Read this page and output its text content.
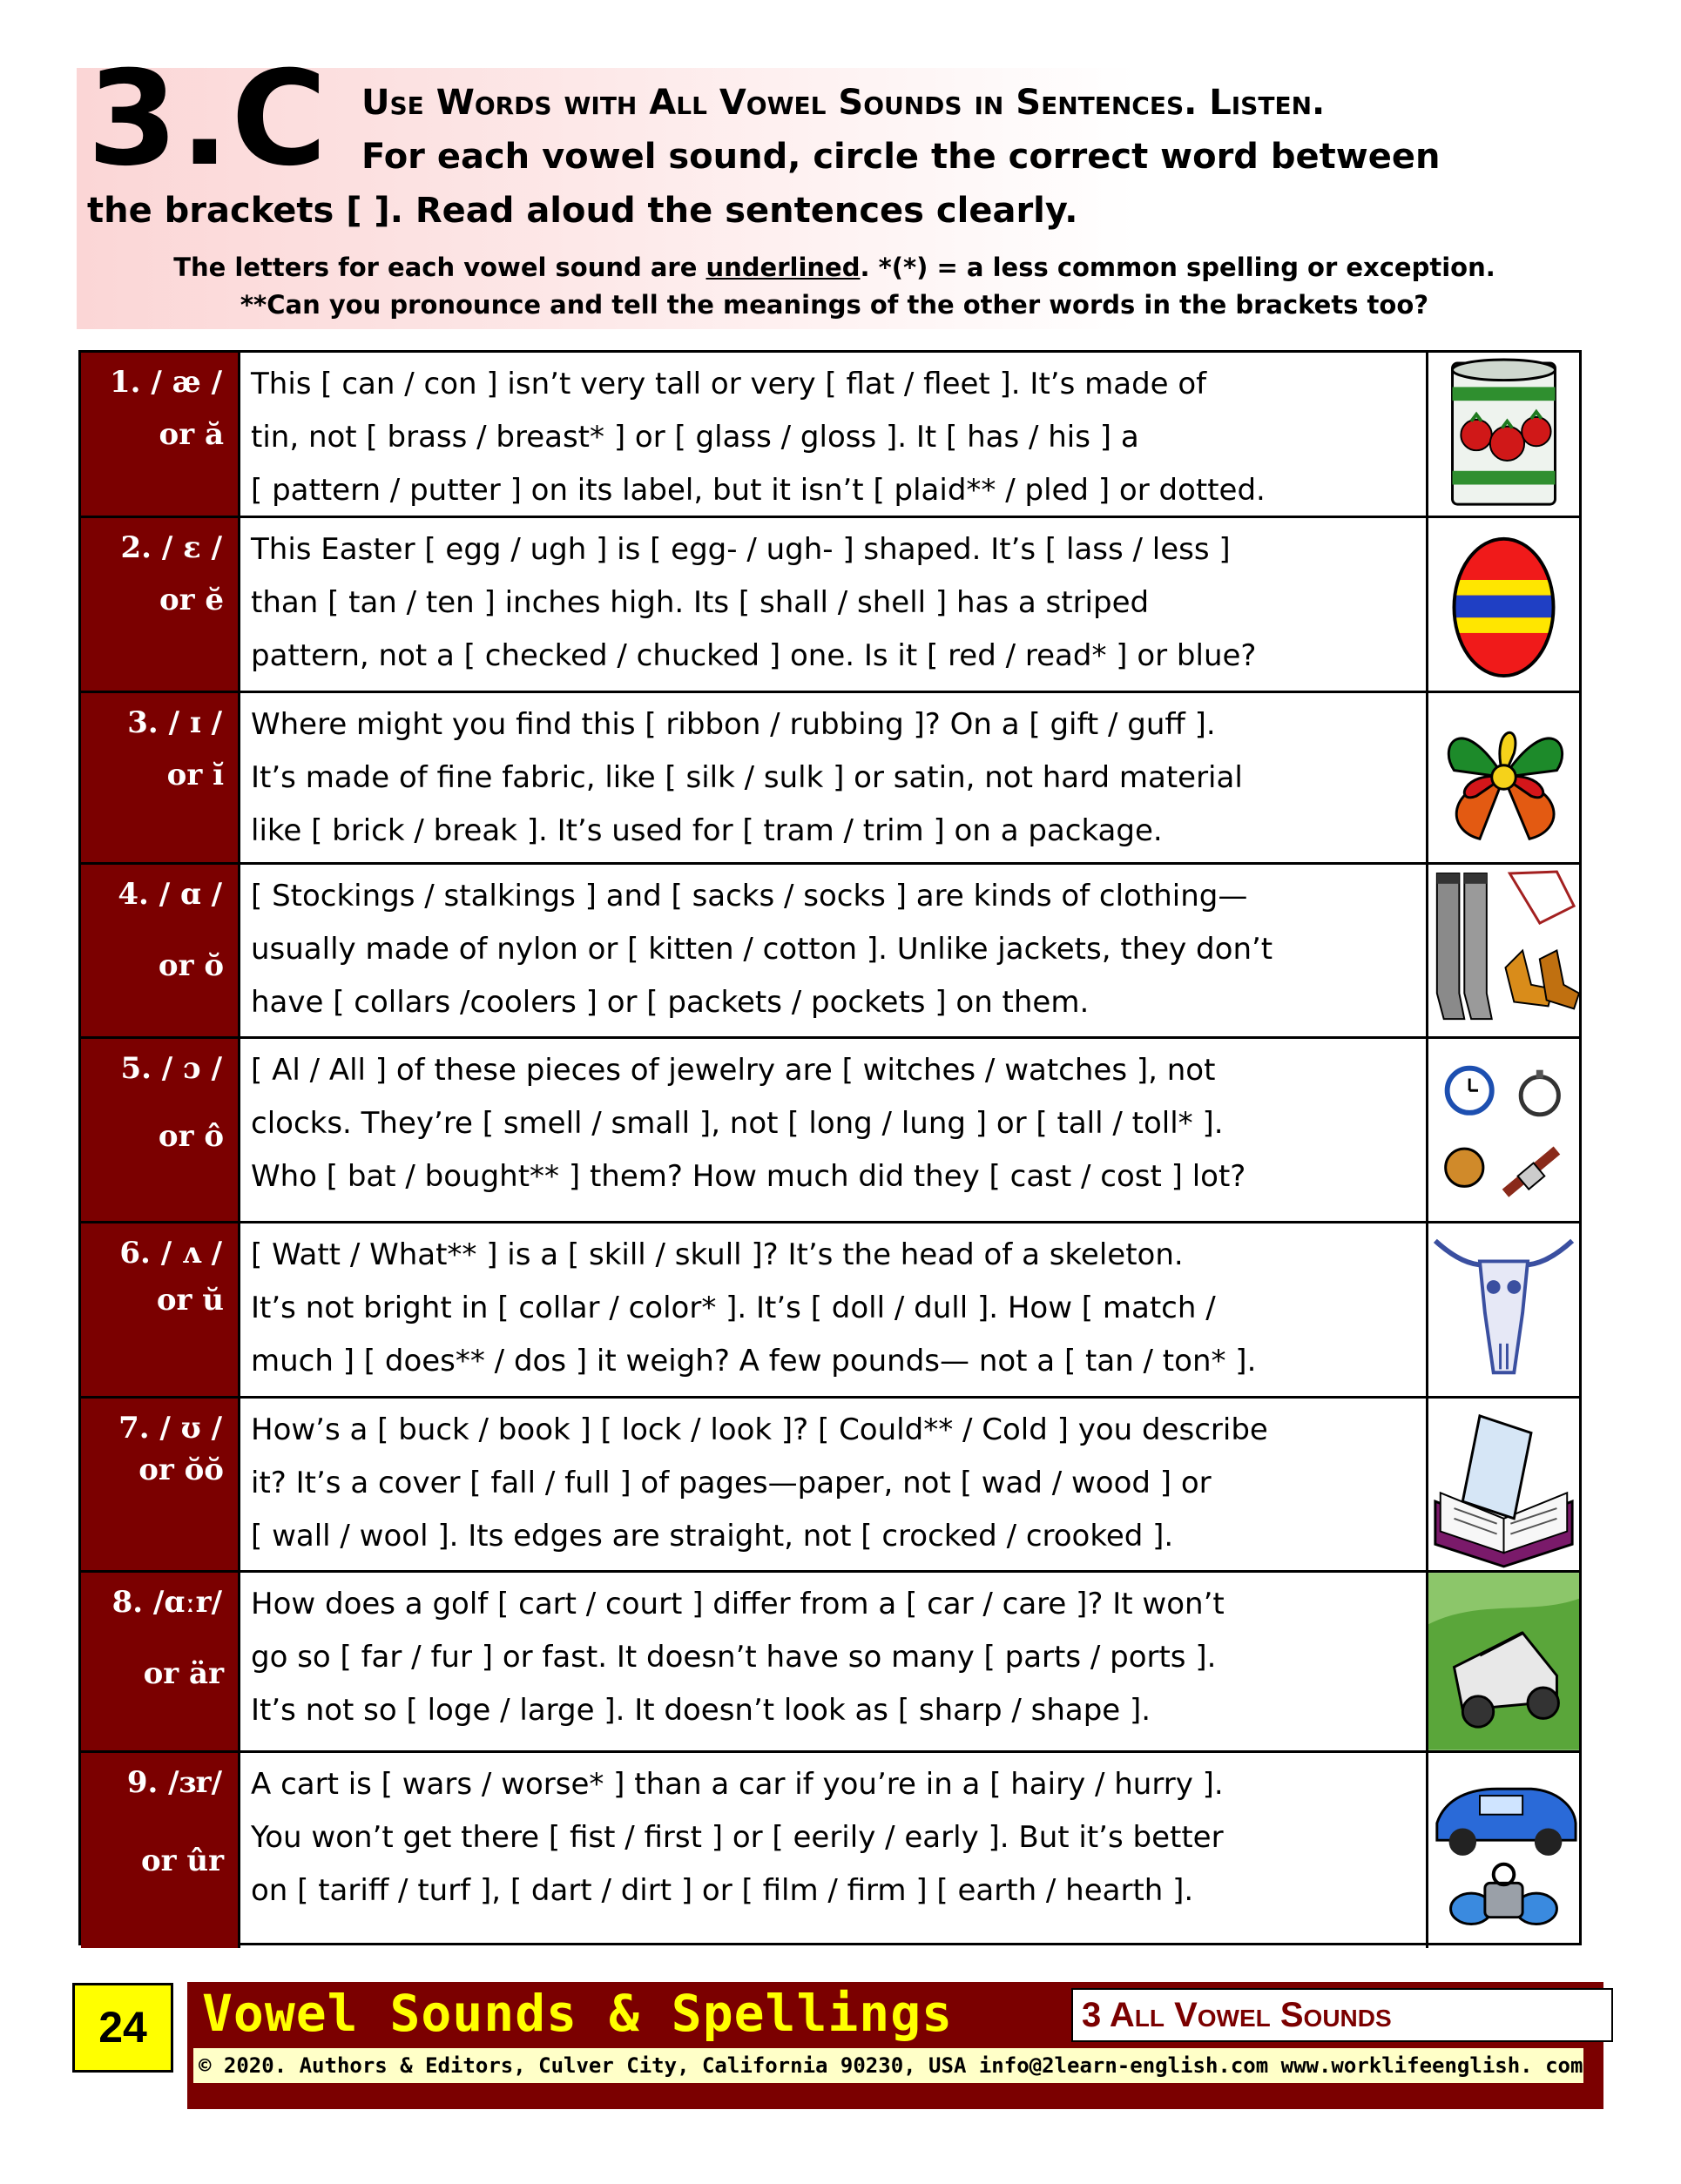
3.C Use Words with All Vowel Sounds in Sentences. Listen.
For each vowel sound, circle the correct word between
the brackets [ ]. Read aloud the sentences clearly.
The letters for each vowel sound are underlined. *(*) = a less common spelling or exception.
**Can you pronounce and tell the meanings of the other words in the brackets too?
1. / æ /
or ă
This [ can / con ] isn’t very tall or very [ flat / fleet ]. It’s made of
tin, not [ brass / breast* ] or [ glass / gloss ]. It [ has / his ] a
[ pattern / putter ] on its label, but it isn’t [ plaid** / pled ] or dotted.
2. / ɛ /
or ĕ
This Easter [ egg / ugh ] is [ egg- / ugh- ] shaped. It’s [ lass / less ]
than [ tan / ten ] inches high. Its [ shall / shell ] has a striped
pattern, not a [ checked / chucked ] one. Is it [ red / read* ] or blue?
3. / ɪ /
or ĭ
Where might you find this [ ribbon / rubbing ]? On a [ gift / guff ].
It’s made of fine fabric, like [ silk / sulk ] or satin, not hard material
like [ brick / break ]. It’s used for [ tram / trim ] on a package.
4. / ɑ /
or ŏ
[ Stockings / stalkings ] and [ sacks / socks ] are kinds of clothing—
usually made of nylon or [ kitten / cotton ]. Unlike jackets, they don’t
have [ collars /coolers ] or [ packets / pockets ] on them.
5. / ɔ /
or ô
[ Al / All ] of these pieces of jewelry are [ witches / watches ], not
clocks. They’re [ smell / small ], not [ long / lung ] or [ tall / toll* ].
Who [ bat / bought** ] them? How much did they [ cast / cost ] lot?
6. / ʌ /
or ŭ
[ Watt / What** ] is a [ skill / skull ]? It’s the head of a skeleton.
It’s not bright in [ collar / color* ]. It’s [ doll / dull ]. How [ match /
much ] [ does** / dos ] it weigh? A few pounds— not a [ tan / ton* ].
7. / ʊ /
or ŏŏ
How’s a [ buck / book ] [ lock / look ]? [ Could** / Cold ] you describe
it? It’s a cover [ fall / full ] of pages—paper, not [ wad / wood ] or
[ wall / wool ]. Its edges are straight, not [ crocked / crooked ].
8. /ɑːr/
or är
How does a golf [ cart / court ] differ from a [ car / care ]? It won’t
go so [ far / fur ] or fast. It doesn’t have so many [ parts / ports ].
It’s not so [ loge / large ]. It doesn’t look as [ sharp / shape ].
9. /ɜr/
or ûr
A cart is [ wars / worse* ] than a car if you’re in a [ hairy / hurry ].
You won’t get there [ fist / first ] or [ eerily / early ]. But it’s better
on [ tariff / turf ], [ dart / dirt ] or [ film / firm ] [ earth / hearth ].
24	Vowel Sounds & Spellings	3 All Vowel Sounds
© 2020. Authors & Editors, Culver City, California 90230, USA info@2learn-english.com www.worklifeenglish. com
